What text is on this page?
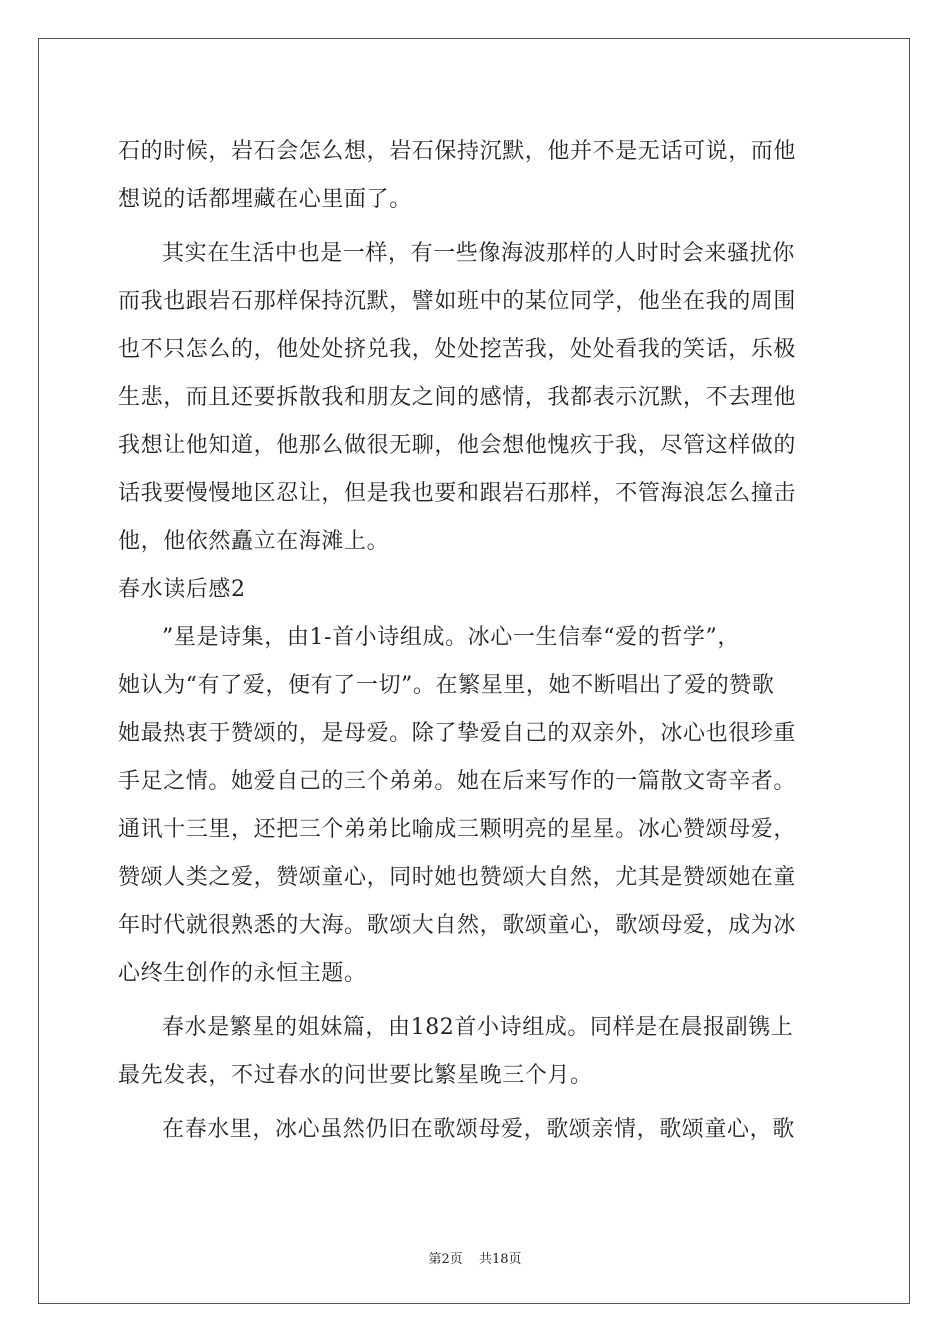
石的时候，岩石会怎么想，岩石保持沉默，他并不是无话可说，而他
想说的话都埋藏在心里面了。
其实在生活中也是一样，有一些像海波那样的人时时会来骚扰你
而我也跟岩石那样保持沉默，譬如班中的某位同学，他坐在我的周围
也不只怎么的，他处处挤兑我，处处挖苦我，处处看我的笑话，乐极
生悲，而且还要拆散我和朋友之间的感情，我都表示沉默，不去理他
我想让他知道，他那么做很无聊，他会想他愧疚于我，尽管这样做的
话我要慢慢地区忍让，但是我也要和跟岩石那样，不管海浪怎么撞击
他，他依然矗立在海滩上。
春水读后感2
”星是诗集，由1-首小诗组成。冰心一生信奉“爱的哲学”，
她认为“有了爱，便有了一切”。在繁星里，她不断唱出了爱的赞歌
她最热衷于赞颂的，是母爱。除了挚爱自己的双亲外，冰心也很珍重
手足之情。她爱自己的三个弟弟。她在后来写作的一篇散文寄辛者。
通讯十三里，还把三个弟弟比喻成三颗明亮的星星。冰心赞颂母爱，
赞颂人类之爱，赞颂童心，同时她也赞颂大自然，尤其是赞颂她在童
年时代就很熟悉的大海。歌颂大自然，歌颂童心，歌颂母爱，成为冰
心终生创作的永恒主题。
春水是繁星的姐妹篇，由182首小诗组成。同样是在晨报副镌上
最先发表，不过春水的问世要比繁星晚三个月。
在春水里，冰心虽然仍旧在歌颂母爱，歌颂亲情，歌颂童心，歌
第2页 共18页
